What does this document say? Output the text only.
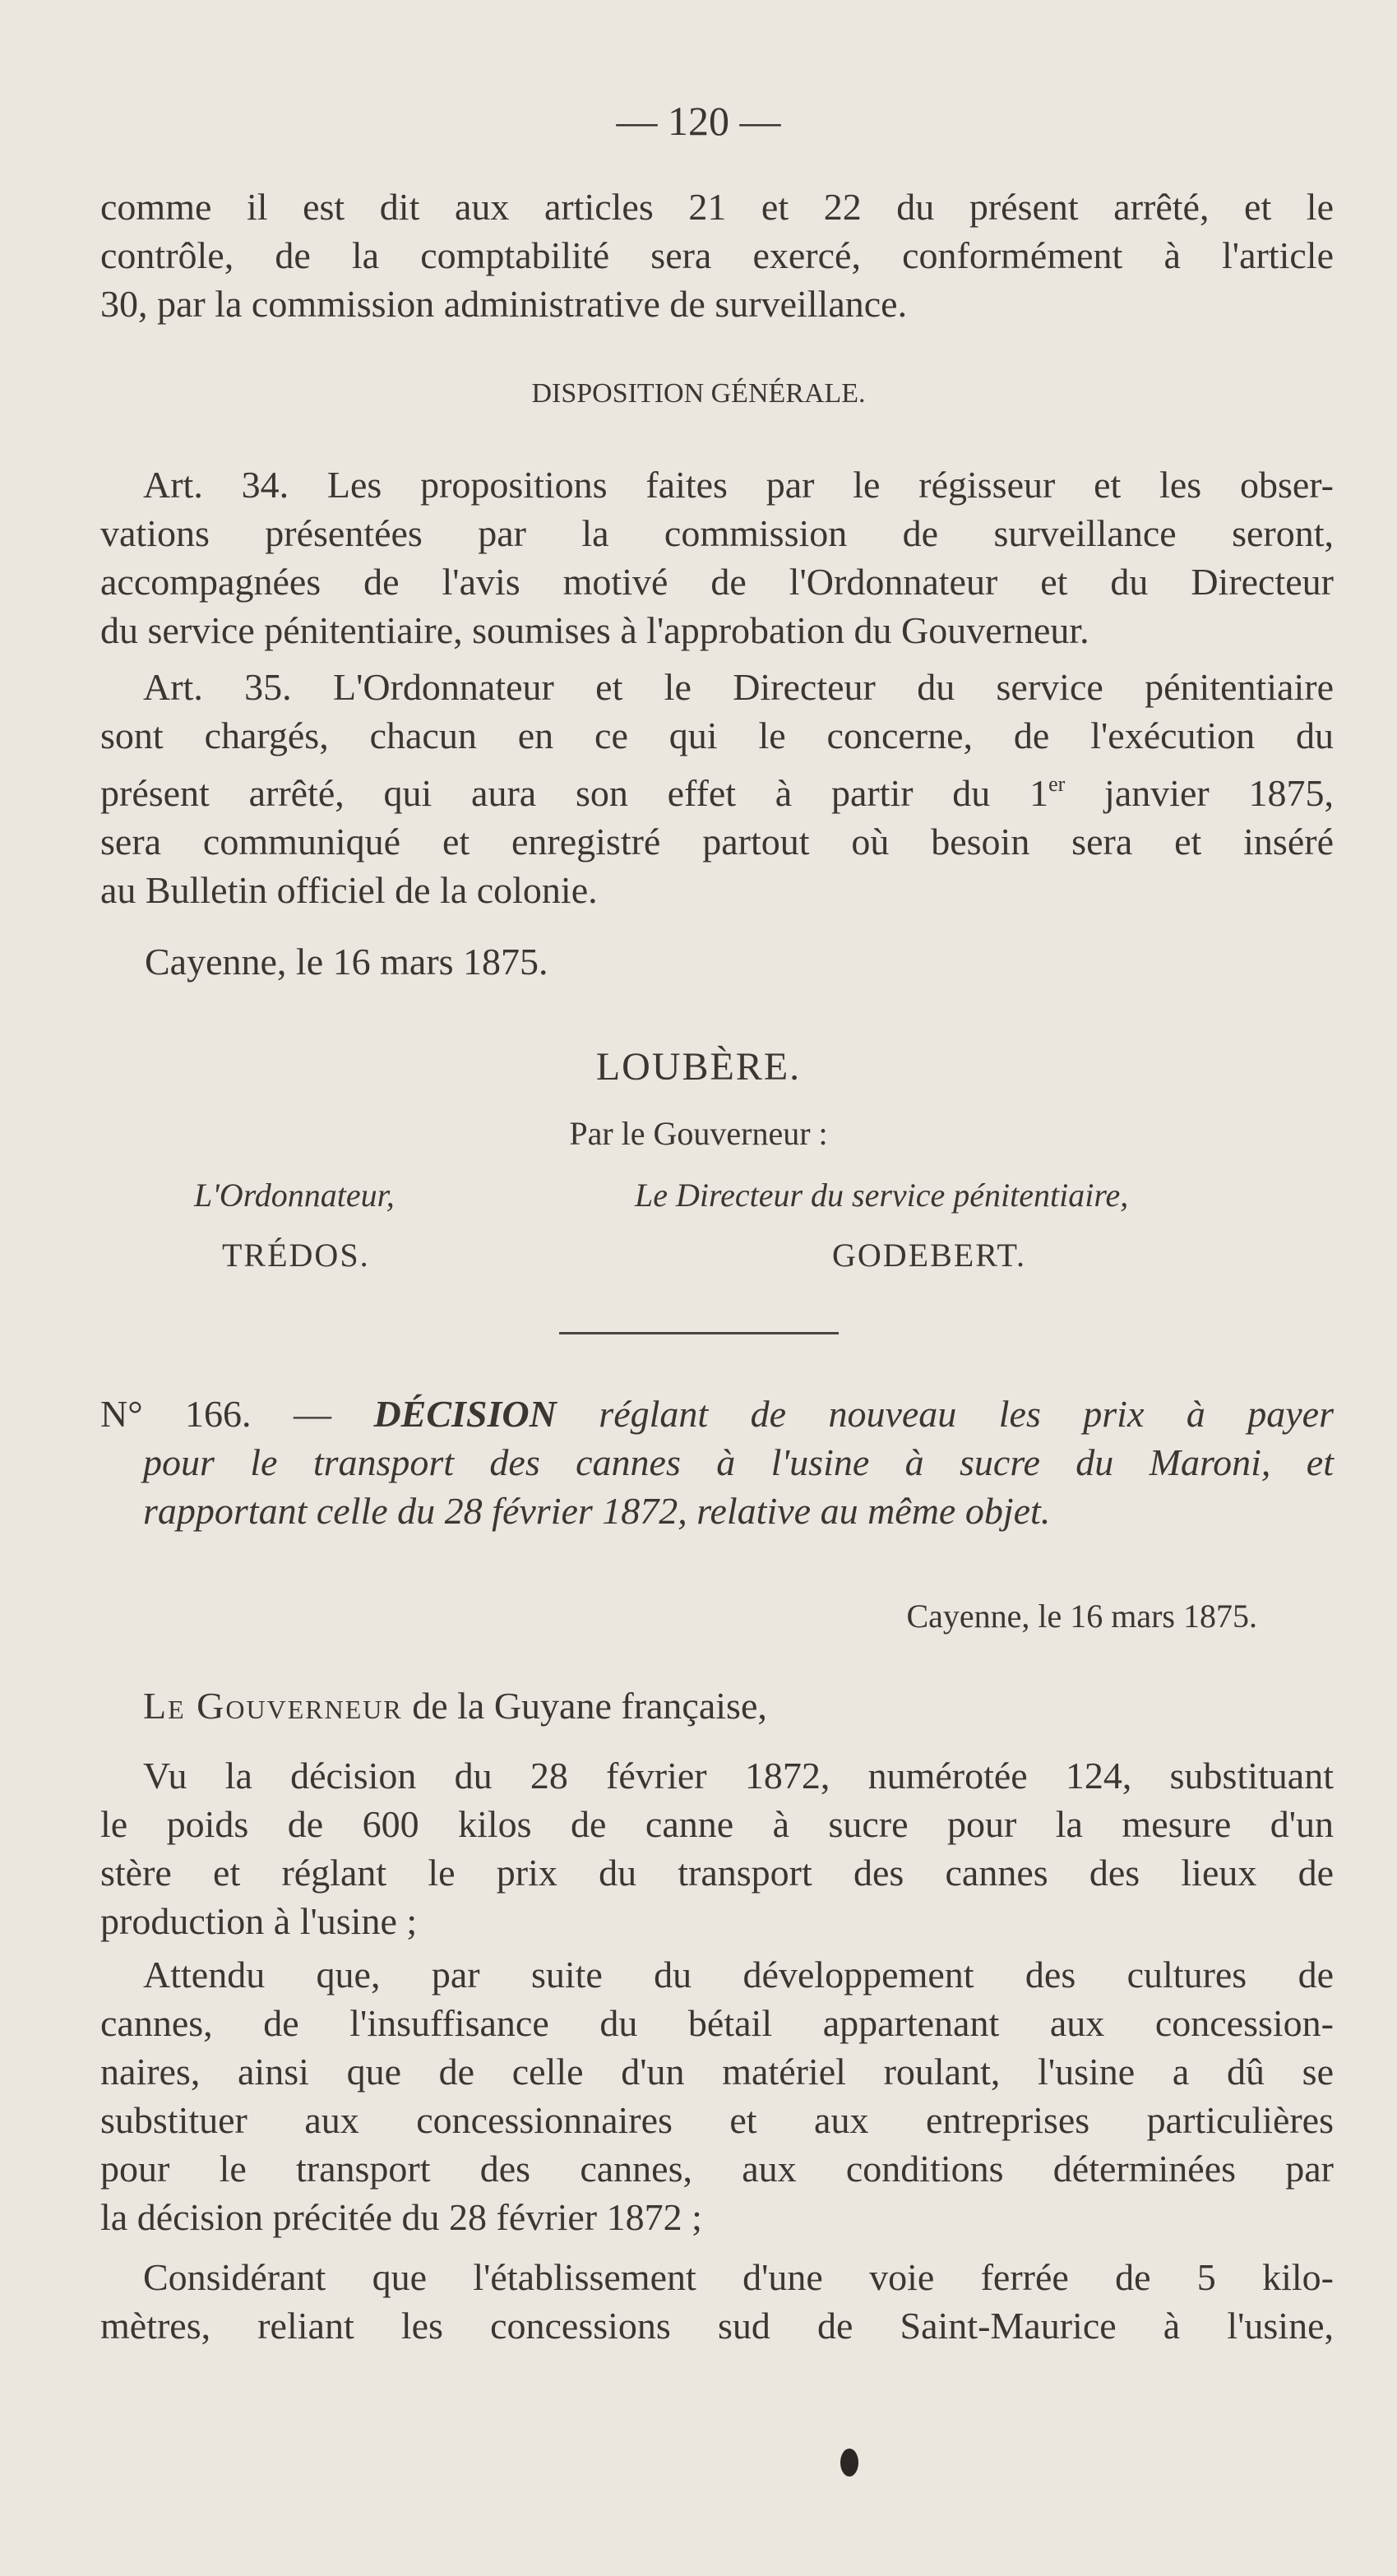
— 120 —
comme il est dit aux articles 21 et 22 du présent arrêté, et le
contrôle, de la comptabilité sera exercé, conformément à l'article
30, par la commission administrative de surveillance.
DISPOSITION GÉNÉRALE.
Art. 34. Les propositions faites par le régisseur et les obser-
vations présentées par la commission de surveillance seront,
accompagnées de l'avis motivé de l'Ordonnateur et du Directeur
du service pénitentiaire, soumises à l'approbation du Gouverneur.
Art. 35. L'Ordonnateur et le Directeur du service pénitentiaire
sont chargés, chacun en ce qui le concerne, de l'exécution du
présent arrêté, qui aura son effet à partir du 1er janvier 1875,
sera communiqué et enregistré partout où besoin sera et inséré
au Bulletin officiel de la colonie.
Cayenne, le 16 mars 1875.
LOUBÈRE.
Par le Gouverneur :
L'Ordonnateur,
TRÉDOS.
Le Directeur du service pénitentiaire,
GODEBERT.
N° 166. — DÉCISION réglant de nouveau les prix à payer
pour le transport des cannes à l'usine à sucre du Maroni, et
rapportant celle du 28 février 1872, relative au même objet.
Cayenne, le 16 mars 1875.
Le Gouverneur de la Guyane française,
Vu la décision du 28 février 1872, numérotée 124, substituant
le poids de 600 kilos de canne à sucre pour la mesure d'un
stère et réglant le prix du transport des cannes des lieux de
production à l'usine ;
Attendu que, par suite du développement des cultures de
cannes, de l'insuffisance du bétail appartenant aux concession-
naires, ainsi que de celle d'un matériel roulant, l'usine a dû se
substituer aux concessionnaires et aux entreprises particulières
pour le transport des cannes, aux conditions déterminées par
la décision précitée du 28 février 1872 ;
Considérant que l'établissement d'une voie ferrée de 5 kilo-
mètres, reliant les concessions sud de Saint-Maurice à l'usine,
